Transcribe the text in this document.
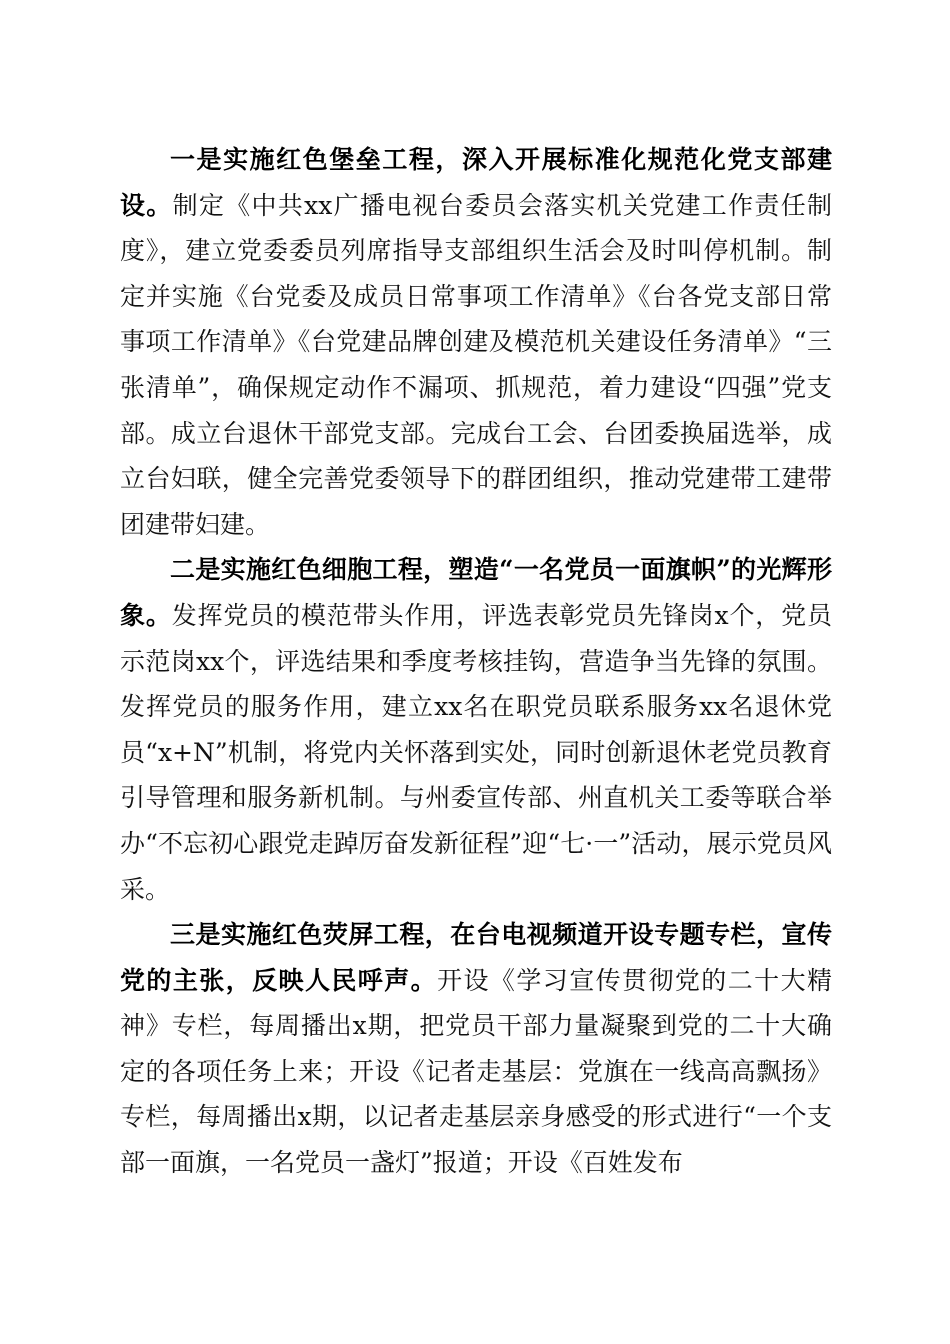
一是实施红色堡垒工程，深入开展标准化规范化党支部建设。制定《中共xx广播电视台委员会落实机关党建工作责任制度》，建立党委委员列席指导支部组织生活会及时叫停机制。制定并实施《台党委及成员日常事项工作清单》《台各党支部日常事项工作清单》《台党建品牌创建及模范机关建设任务清单》“三张清单”，确保规定动作不漏项、抓规范，着力建设“四强”党支部。成立台退休干部党支部。完成台工会、台团委换届选举，成立台妇联，健全完善党委领导下的群团组织，推动党建带工建带团建带妇建。

二是实施红色细胞工程，塑造“一名党员一面旗帜”的光辉形象。发挥党员的模范带头作用，评选表彰党员先锋岗x个，党员示范岗xx个，评选结果和季度考核挂钩，营造争当先锋的氛围。发挥党员的服务作用，建立xx名在职党员联系服务xx名退休党员“x+N”机制，将党内关怀落到实处，同时创新退休老党员教育引导管理和服务新机制。与州委宣传部、州直机关工委等联合举办“不忘初心跟党走踔厉奋发新征程”迎“七·一”活动，展示党员风采。

三是实施红色荧屏工程，在台电视频道开设专题专栏，宣传党的主张，反映人民呼声。开设《学习宣传贯彻党的二十大精神》专栏，每周播出x期，把党员干部力量凝聚到党的二十大确定的各项任务上来；开设《记者走基层：党旗在一线高高飘扬》专栏，每周播出x期，以记者走基层亲身感受的形式进行“一个支部一面旗，一名党员一盏灯”报道；开设《百姓发布
